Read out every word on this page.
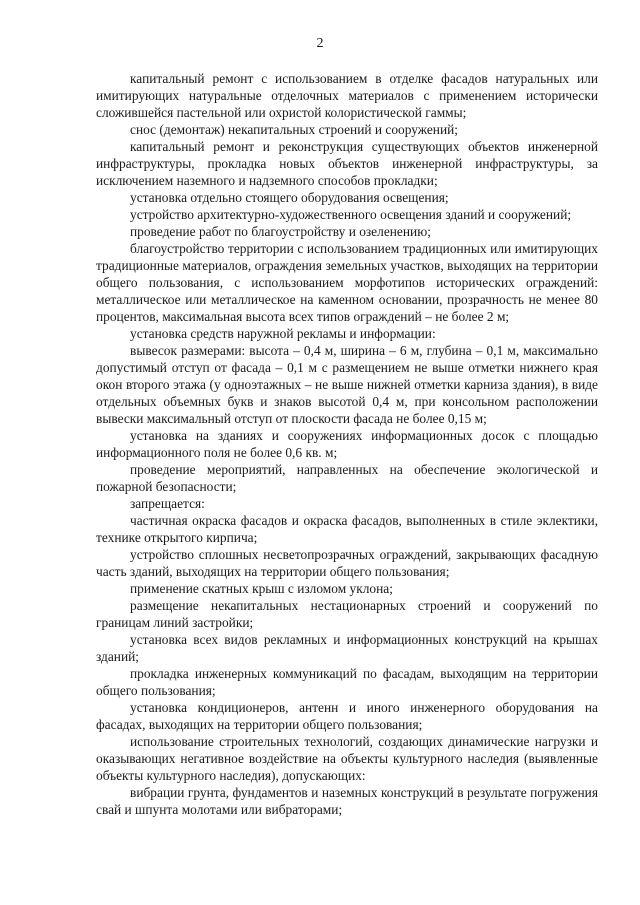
2

капитальный ремонт с использованием в отделке фасадов натуральных или имитирующих натуральные отделочных материалов с применением исторически сложившейся пастельной или охристой колористической гаммы;

снос (демонтаж) некапитальных строений и сооружений;

капитальный ремонт и реконструкция существующих объектов инженерной инфраструктуры, прокладка новых объектов инженерной инфраструктуры, за исключением наземного и надземного способов прокладки;

установка отдельно стоящего оборудования освещения;

устройство архитектурно-художественного освещения зданий и сооружений;

проведение работ по благоустройству и озеленению;

благоустройство территории с использованием традиционных или имитирующих традиционные материалов, ограждения земельных участков, выходящих на территории общего пользования, с использованием морфотипов исторических ограждений: металлическое или металлическое на каменном основании, прозрачность не менее 80 процентов, максимальная высота всех типов ограждений – не более 2 м;

установка средств наружной рекламы и информации:

вывесок размерами: высота – 0,4 м, ширина – 6 м, глубина – 0,1 м, максимально допустимый отступ от фасада – 0,1 м с размещением не выше отметки нижнего края окон второго этажа (у одноэтажных – не выше нижней отметки карниза здания), в виде отдельных объемных букв и знаков высотой 0,4 м, при консольном расположении вывески максимальный отступ от плоскости фасада не более 0,15 м;

установка на зданиях и сооружениях информационных досок с площадью информационного поля не более 0,6 кв. м;

проведение мероприятий, направленных на обеспечение экологической и пожарной безопасности;

запрещается:

частичная окраска фасадов и окраска фасадов, выполненных в стиле эклектики, технике открытого кирпича;

устройство сплошных несветопрозрачных ограждений, закрывающих фасадную часть зданий, выходящих на территории общего пользования;

применение скатных крыш с изломом уклона;

размещение некапитальных нестационарных строений и сооружений по границам линий застройки;

установка всех видов рекламных и информационных конструкций на крышах зданий;

прокладка инженерных коммуникаций по фасадам, выходящим на территории общего пользования;

установка кондиционеров, антенн и иного инженерного оборудования на фасадах, выходящих на территории общего пользования;

использование строительных технологий, создающих динамические нагрузки и оказывающих негативное воздействие на объекты культурного наследия (выявленные объекты культурного наследия), допускающих:

вибрации грунта, фундаментов и наземных конструкций в результате погружения свай и шпунта молотами или вибраторами;
